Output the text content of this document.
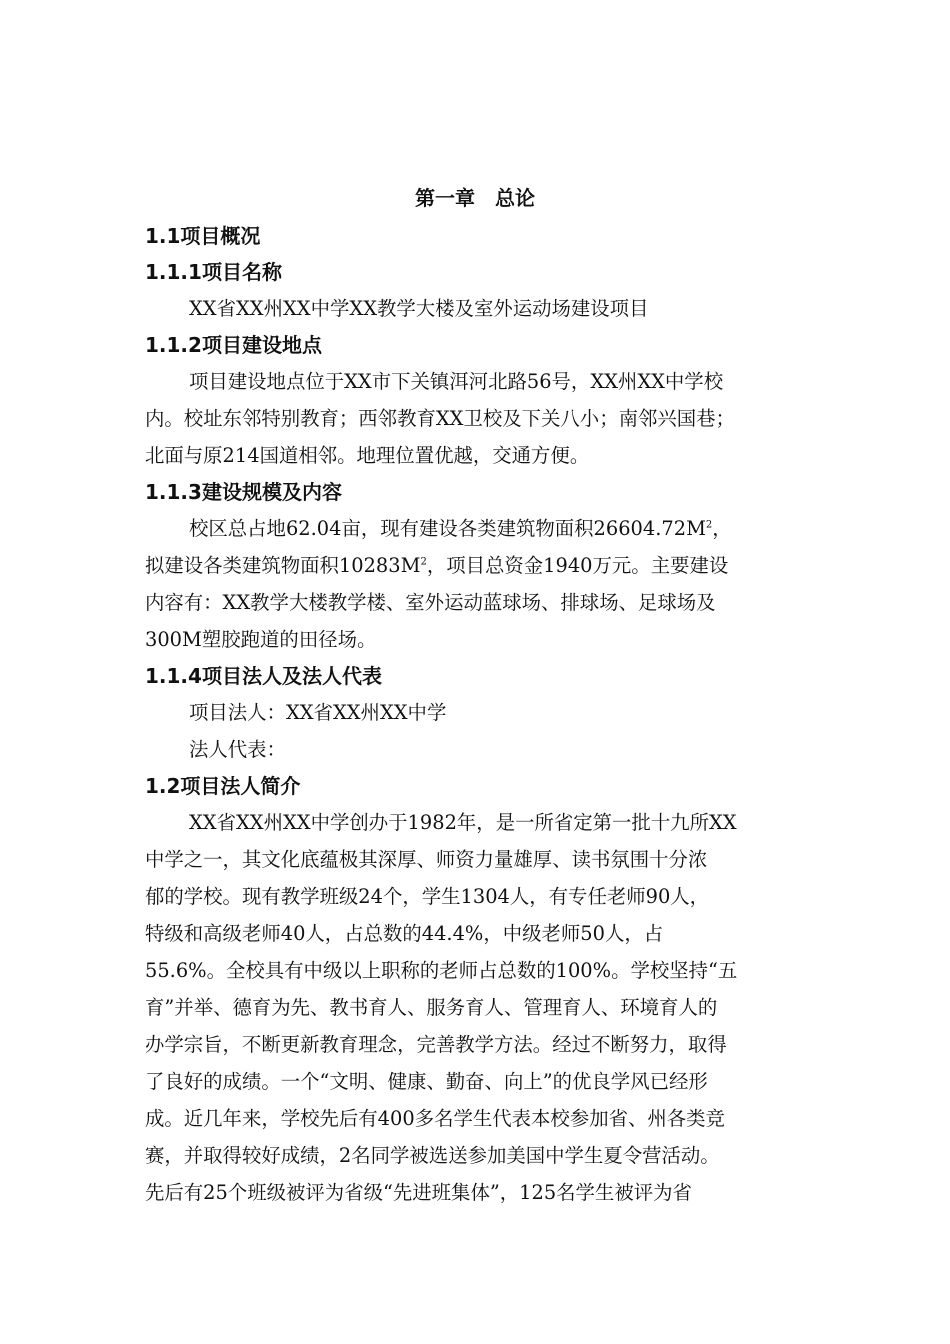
第一章　总论
1.1项目概况
1.1.1项目名称

XX省XX州XX中学XX教学大楼及室外运动场建设项目

1.1.2项目建设地点

项目建设地点位于XX市下关镇洱河北路56号，XX州XX中学校
内。校址东邻特别教育；西邻教育XX卫校及下关八小；南邻兴国巷；
北面与原214国道相邻。地理位置优越，交通方便。

1.1.3建设规模及内容

校区总占地62.04亩，现有建设各类建筑物面积$26604.72M^2$，
拟建设各类建筑物面积$10283M^2$，项目总资金1940万元。主要建设
内容有：XX教学大楼教学楼、室外运动蓝球场、排球场、足球场及
300M塑胶跑道的田径场。

1.1.4项目法人及法人代表

项目法人：XX省XX州XX中学
法人代表：

1.2项目法人简介

XX省XX州XX中学创办于1982年，是一所省定第一批十九所XX
中学之一，其文化底蕴极其深厚、师资力量雄厚、读书氛围十分浓
郁的学校。现有教学班级24个，学生1304人，有专任老师90人，
特级和高级老师40人，占总数的44.4%，中级老师50人，占
55.6%。全校具有中级以上职称的老师占总数的100%。学校坚持“五
育”并举、德育为先、教书育人、服务育人、管理育人、环境育人的
办学宗旨，不断更新教育理念，完善教学方法。经过不断努力，取得
了良好的成绩。一个“文明、健康、勤奋、向上”的优良学风已经形
成。近几年来，学校先后有400多名学生代表本校参加省、州各类竞
赛，并取得较好成绩，2名同学被选送参加美国中学生夏令营活动。
先后有25个班级被评为省级“先进班集体”，125名学生被评为省
